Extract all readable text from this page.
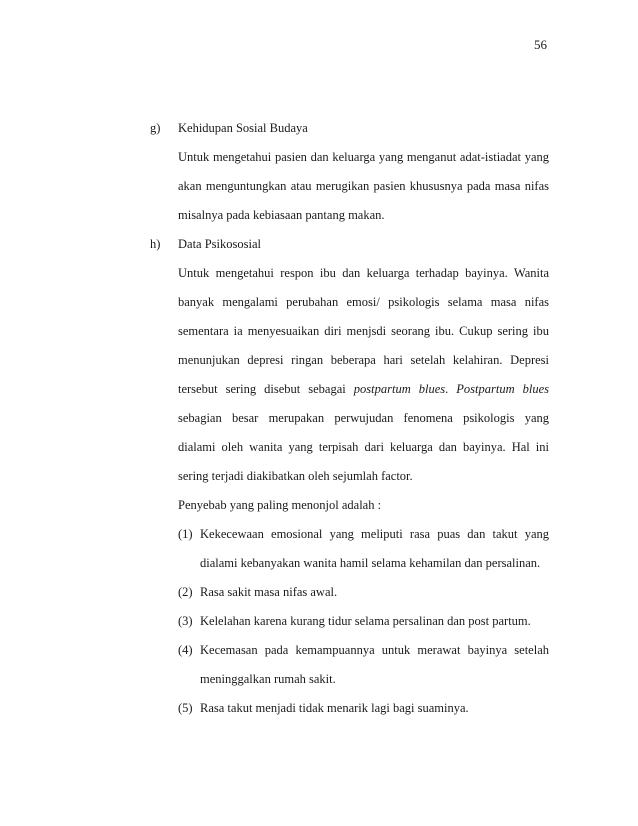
56
g) Kehidupan Sosial Budaya
Untuk mengetahui pasien dan keluarga yang menganut adat-istiadat yang
akan menguntungkan atau merugikan pasien khususnya pada masa nifas
misalnya pada kebiasaan pantang makan.
h) Data Psikososial
Untuk mengetahui respon ibu dan keluarga terhadap bayinya. Wanita
banyak mengalami perubahan emosi/ psikologis selama masa nifas
sementara ia menyesuaikan diri menjsdi seorang ibu. Cukup sering ibu
menunjukan depresi ringan beberapa hari setelah kelahiran. Depresi
tersebut sering disebut sebagai postpartum blues. Postpartum blues
sebagian besar merupakan perwujudan fenomena psikologis yang
dialami oleh wanita yang terpisah dari keluarga dan bayinya. Hal ini
sering terjadi diakibatkan oleh sejumlah factor.
Penyebab yang paling menonjol adalah :
(1) Kekecewaan emosional yang meliputi rasa puas dan takut yang
dialami kebanyakan wanita hamil selama kehamilan dan persalinan.
(2) Rasa sakit masa nifas awal.
(3) Kelelahan karena kurang tidur selama persalinan dan post partum.
(4) Kecemasan pada kemampuannya untuk merawat bayinya setelah
meninggalkan rumah sakit.
(5) Rasa takut menjadi tidak menarik lagi bagi suaminya.
